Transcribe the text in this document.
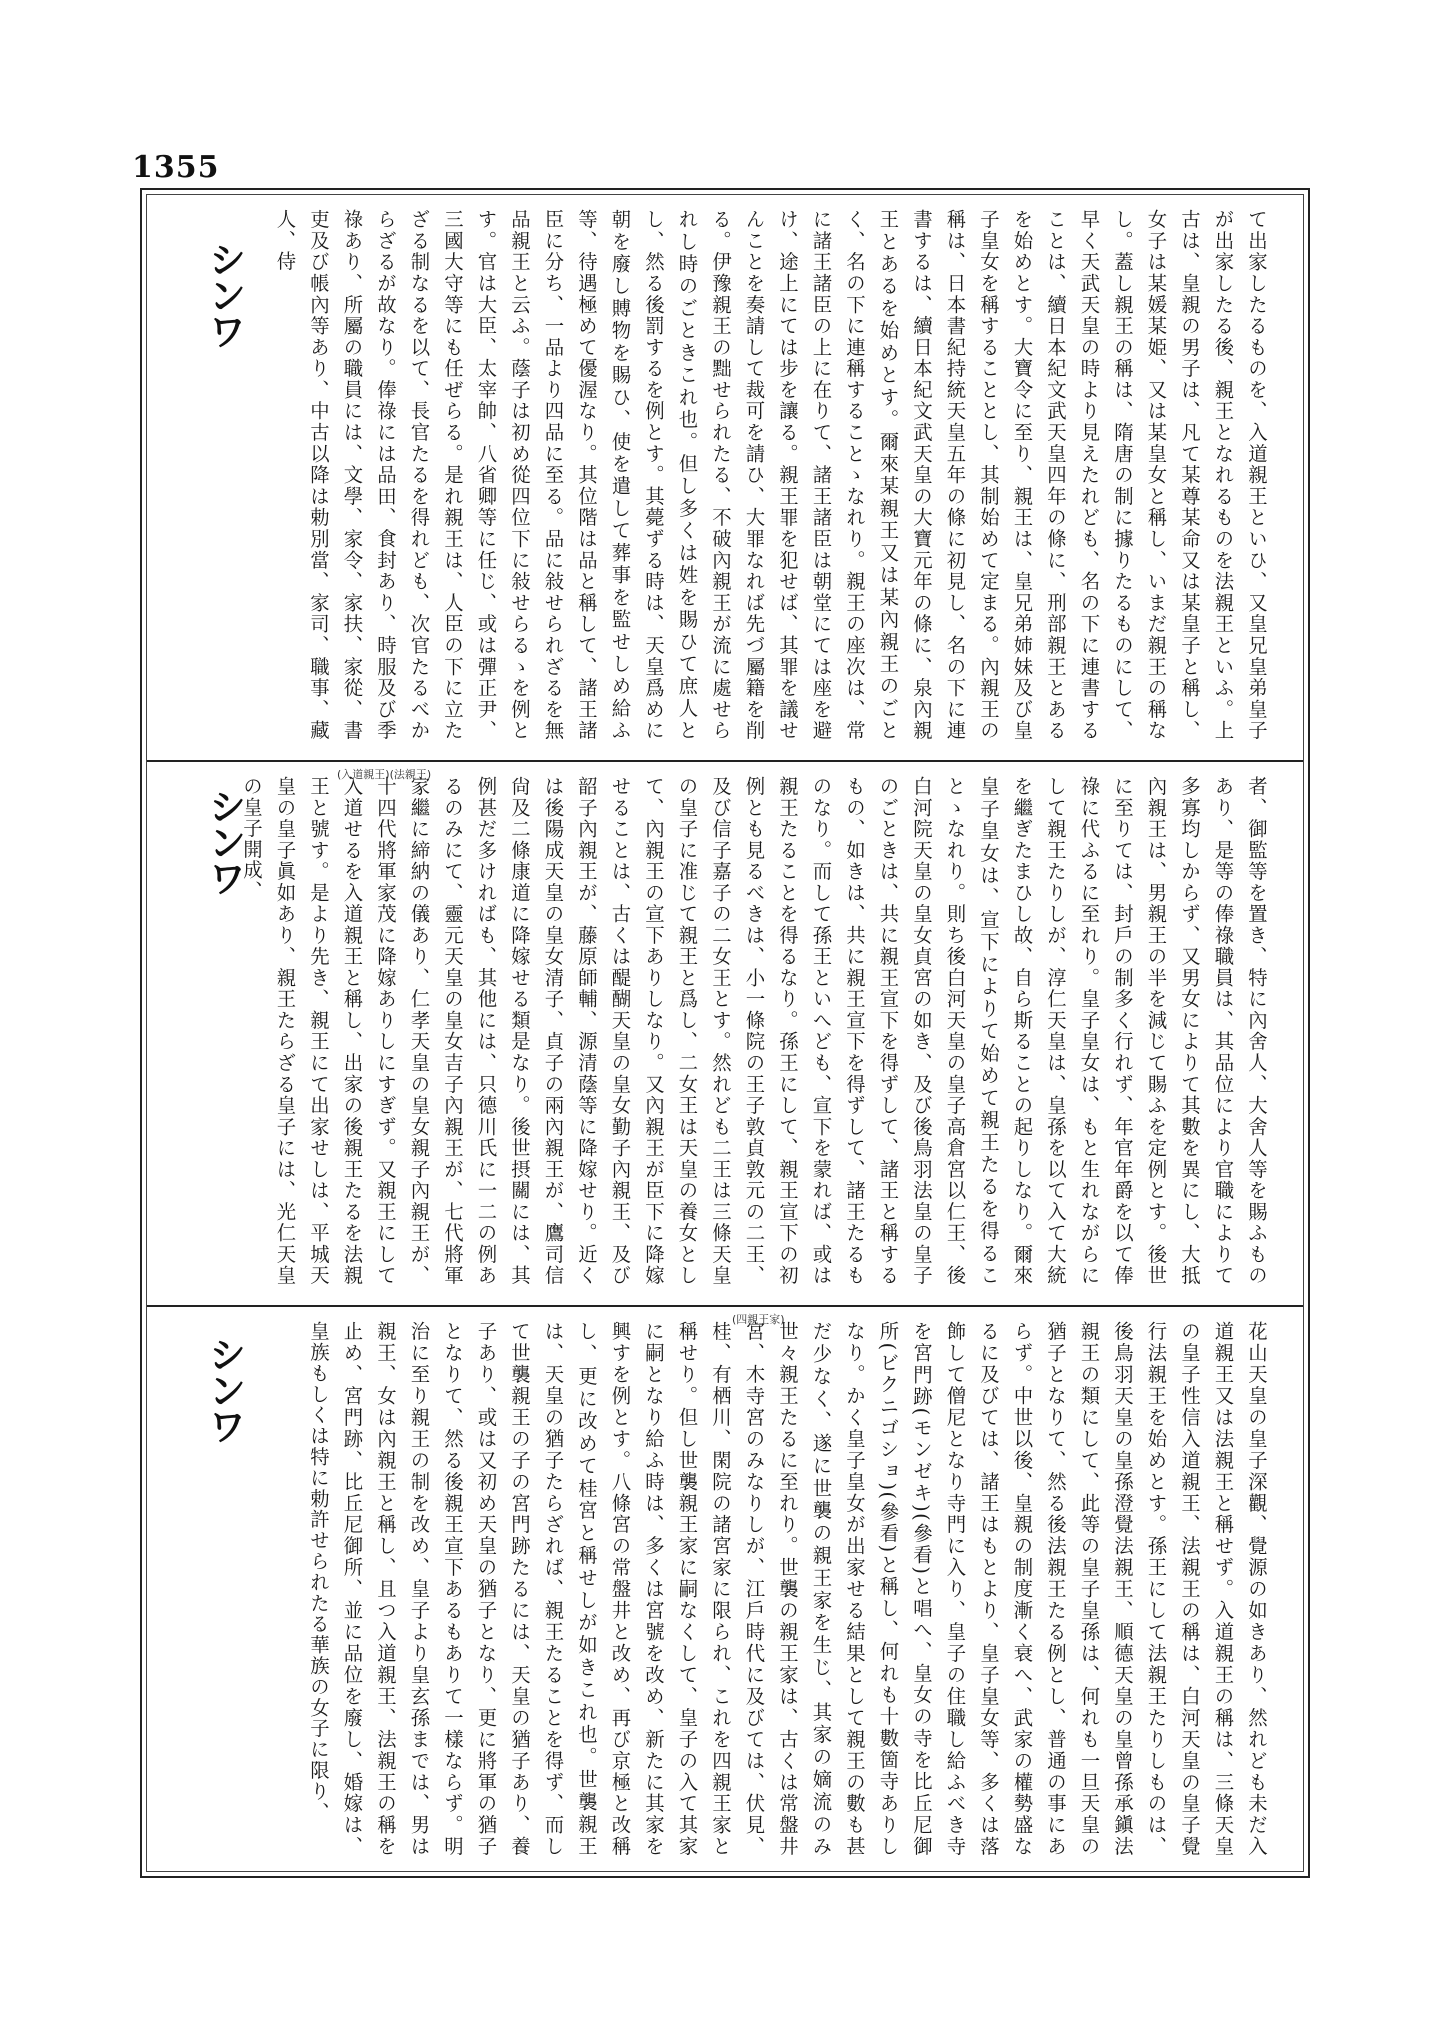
1355
シンワ	て出家したるものを、入道親王といひ、又皇兄皇弟皇子が出家したる後、親王となれるものを法親王といふ。上古は、皇親の男子は、凡て某尊某命又は某皇子と稱し、女子は某媛某姫、又は某皇女と稱し、いまだ親王の稱なし。蓋し親王の稱は、隋唐の制に據りたるものにして、早く天武天皇の時より見えたれども、名の下に連書することは、續日本紀文武天皇四年の條に、刑部親王とあるを始めとす。大寶令に至り、親王は、皇兄弟姉妹及び皇子皇女を稱することとし、其制始めて定まる。內親王の稱は、日本書紀持統天皇五年の條に初見し、名の下に連書するは、續日本紀文武天皇の大寶元年の條に、泉內親王とあるを始めとす。爾來某親王又は某內親王のごとく、名の下に連稱することゝなれり。親王の座次は、常に諸王諸臣の上に在りて、諸王諸臣は朝堂にては座を避け、途上にては步を讓る。親王罪を犯せば、其罪を議せんことを奏請して裁可を請ひ、大罪なれば先づ屬籍を削る。伊豫親王の黜せられたる、不破內親王が流に處せられし時のごときこれ也。但し多くは姓を賜ひて庶人とし、然る後罰するを例とす。其薨ずる時は、天皇爲めに朝を廢し賻物を賜ひ、使を遣して葬事を監せしめ給ふ等、待遇極めて優渥なり。其位階は品と稱して、諸王諸臣に分ち、一品より四品に至る。品に敍せられざるを無品親王と云ふ。蔭子は初め從四位下に敍せらるゝを例とす。官は大臣、太宰帥、八省卿等に任じ、或は彈正尹、三國大守等にも任ぜらる。是れ親王は、人臣の下に立たざる制なるを以て、長官たるを得れども、次官たるべからざるが故なり。俸祿には品田、食封あり、時服及び季祿あり、所屬の職員には、文學、家令、家扶、家從、書吏及び帳內等あり、中古以降は勅別當、家司、職事、藏人、侍

シンワ
(入道親王)(法親王)

者、御監等を置き、特に內舍人、大舍人等を賜ふものあり、是等の俸祿職員は、其品位により官職によりて多寡均しからず、又男女によりて其數を異にし、大抵內親王は、男親王の半を減じて賜ふを定例とす。後世に至りては、封戶の制多く行れず、年官年爵を以て俸祿に代ふるに至れり。皇子皇女は、もと生れながらにして親王たりしが、淳仁天皇は、皇孫を以て入て大統を繼ぎたまひし故、自ら斯ることの起りしなり。爾來皇子皇女は、宣下によりて始めて親王たるを得ることゝなれり。則ち後白河天皇の皇子高倉宮以仁王、後白河院天皇の皇女貞宮の如き、及び後鳥羽法皇の皇子のごときは、共に親王宣下を得ずして、諸王と稱するもの、如きは、共に親王宣下を得ずして、諸王たるものなり。而して孫王といへども、宣下を蒙れば、或は親王たることを得るなり。孫王にして、親王宣下の初例とも見るべきは、小一條院の王子敦貞敦元の二王、及び信子嘉子の二女王とす。然れども二王は三條天皇の皇子に准じて親王と爲し、二女王は天皇の養女として、內親王の宣下ありしなり。又內親王が臣下に降嫁せることは、古くは醍醐天皇の皇女勤子內親王、及び韶子內親王が、藤原師輔、源清蔭等に降嫁せり。近くは後陽成天皇の皇女清子、貞子の兩內親王が、鷹司信尙及二條康道に降嫁せる類是なり。後世摂關には、其例甚だ多ければも、其他には、只德川氏に一二の例あるのみにて、靈元天皇の皇女吉子內親王が、七代將軍家繼に締納の儀あり、仁孝天皇の皇女親子內親王が、十四代將軍家茂に降嫁ありしにすぎず。又親王にして入道せるを入道親王と稱し、出家の後親王たるを法親王と號す。是より先き、親王にて出家せしは、平城天皇の皇子眞如あり、親王たらざる皇子には、光仁天皇の皇子開成、

シンワ
(四親王家)

花山天皇の皇子深觀、覺源の如きあり、然れども未だ入道親王又は法親王と稱せず。入道親王の稱は、三條天皇の皇子性信入道親王、法親王の稱は、白河天皇の皇子覺行法親王を始めとす。孫王にして法親王たりしものは、後鳥羽天皇の皇孫澄覺法親王、順德天皇の皇曾孫承鎭法親王の類にして、此等の皇子皇孫は、何れも一旦天皇の猶子となりて、然る後法親王たる例とし、普通の事にあらず。中世以後、皇親の制度漸く衰へ、武家の權勢盛なるに及びては、諸王はもとより、皇子皇女等、多くは落飾して僧尼となり寺門に入り、皇子の住職し給ふべき寺を宮門跡(モンゼキ)(參看)と唱へ、皇女の寺を比丘尼御所(ビクニゴショ)(參看)と稱し、何れも十數箇寺ありしなり。かく皇子皇女が出家せる結果として親王の數も甚だ少なく、遂に世襲の親王家を生じ、其家の嫡流のみ世々親王たるに至れり。世襲の親王家は、古くは常盤井宮、木寺宮のみなりしが、江戶時代に及びては、伏見、桂、有栖川、閑院の諸宮家に限られ、これを四親王家と稱せり。但し世襲親王家に嗣なくして、皇子の入て其家に嗣となり給ふ時は、多くは宮號を改め、新たに其家を興すを例とす。八條宮の常盤井と改め、再び京極と改稱し、更に改めて桂宮と稱せしが如きこれ也。世襲親王は、天皇の猶子たらざれば、親王たることを得ず、而して世襲親王の子の宮門跡たるには、天皇の猶子あり、養子あり、或は又初め天皇の猶子となり、更に將軍の猶子となりて、然る後親王宣下あるもありて一樣ならず。明治に至り親王の制を改め、皇子より皇玄孫までは、男は親王、女は內親王と稱し、且つ入道親王、法親王の稱を止め、宮門跡、比丘尼御所、並に品位を廢し、婚嫁は、皇族もしくは特に勅許せられたる華族の女子に限り、
